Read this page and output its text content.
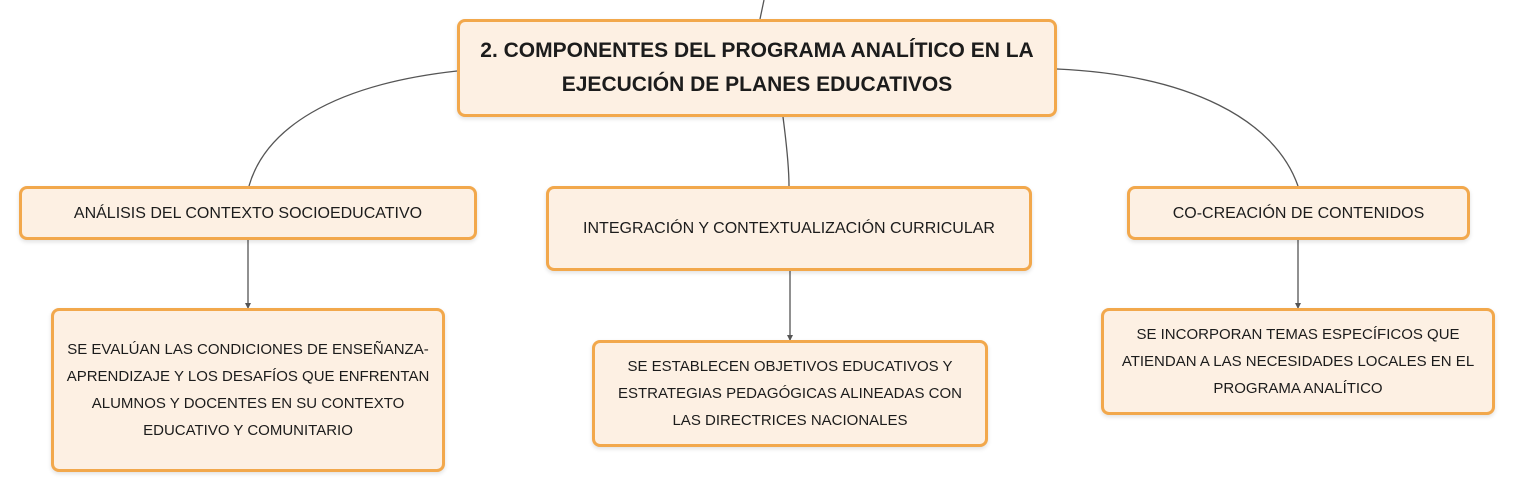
2. COMPONENTES DEL PROGRAMA ANALÍTICO EN LA EJECUCIÓN DE PLANES EDUCATIVOS
ANÁLISIS DEL CONTEXTO SOCIOEDUCATIVO
INTEGRACIÓN Y CONTEXTUALIZACIÓN CURRICULAR
CO-CREACIÓN DE CONTENIDOS
SE EVALÚAN LAS CONDICIONES DE ENSEÑANZA-APRENDIZAJE Y LOS DESAFÍOS QUE ENFRENTAN ALUMNOS Y DOCENTES EN SU CONTEXTO EDUCATIVO Y COMUNITARIO
SE ESTABLECEN OBJETIVOS EDUCATIVOS Y ESTRATEGIAS PEDAGÓGICAS ALINEADAS CON LAS DIRECTRICES NACIONALES
SE INCORPORAN TEMAS ESPECÍFICOS QUE ATIENDAN A LAS NECESIDADES LOCALES EN EL PROGRAMA ANALÍTICO
